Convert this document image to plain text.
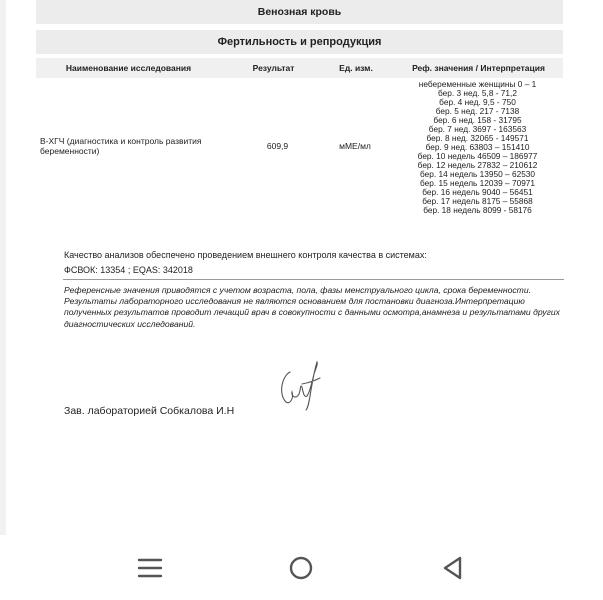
Венозная кровь
Фертильность и репродукция
Наименование исследования	Результат	Ед. изм.	Реф. значения / Интерпретация
В-ХГЧ (диагностика и контроль развития беременности)	609,9	мМЕ/мл
небеременные женщины 0 – 1
бер. 3 нед. 5,8 - 71,2
бер. 4 нед. 9,5 - 750
бер. 5 нед. 217 - 7138
бер. 6 нед. 158 - 31795
бер. 7 нед. 3697 - 163563
бер. 8 нед. 32065 - 149571
бер. 9 нед. 63803 – 151410
бер. 10 недель 46509 – 186977
бер. 12 недель 27832 – 210612
бер. 14 недель 13950 – 62530
бер. 15 недель 12039 – 70971
бер. 16 недель 9040 – 56451
бер. 17 недель 8175 – 55868
бер. 18 недель 8099 - 58176
Качество анализов обеспечено проведением внешнего контроля качества в системах:
ФСВОК: 13354 ; EQAS: 342018
Референсные значения приводятся с учетом возраста, пола, фазы менструального цикла, срока беременности. Результаты лабораторного исследования не являются основанием для постановки диагноза.Интерпретацию полученных результатов проводит лечащий врач в совокупности с данными осмотра,анамнеза и результатами других диагностических исследований.
Зав. лабораторией Собкалова И.Н
